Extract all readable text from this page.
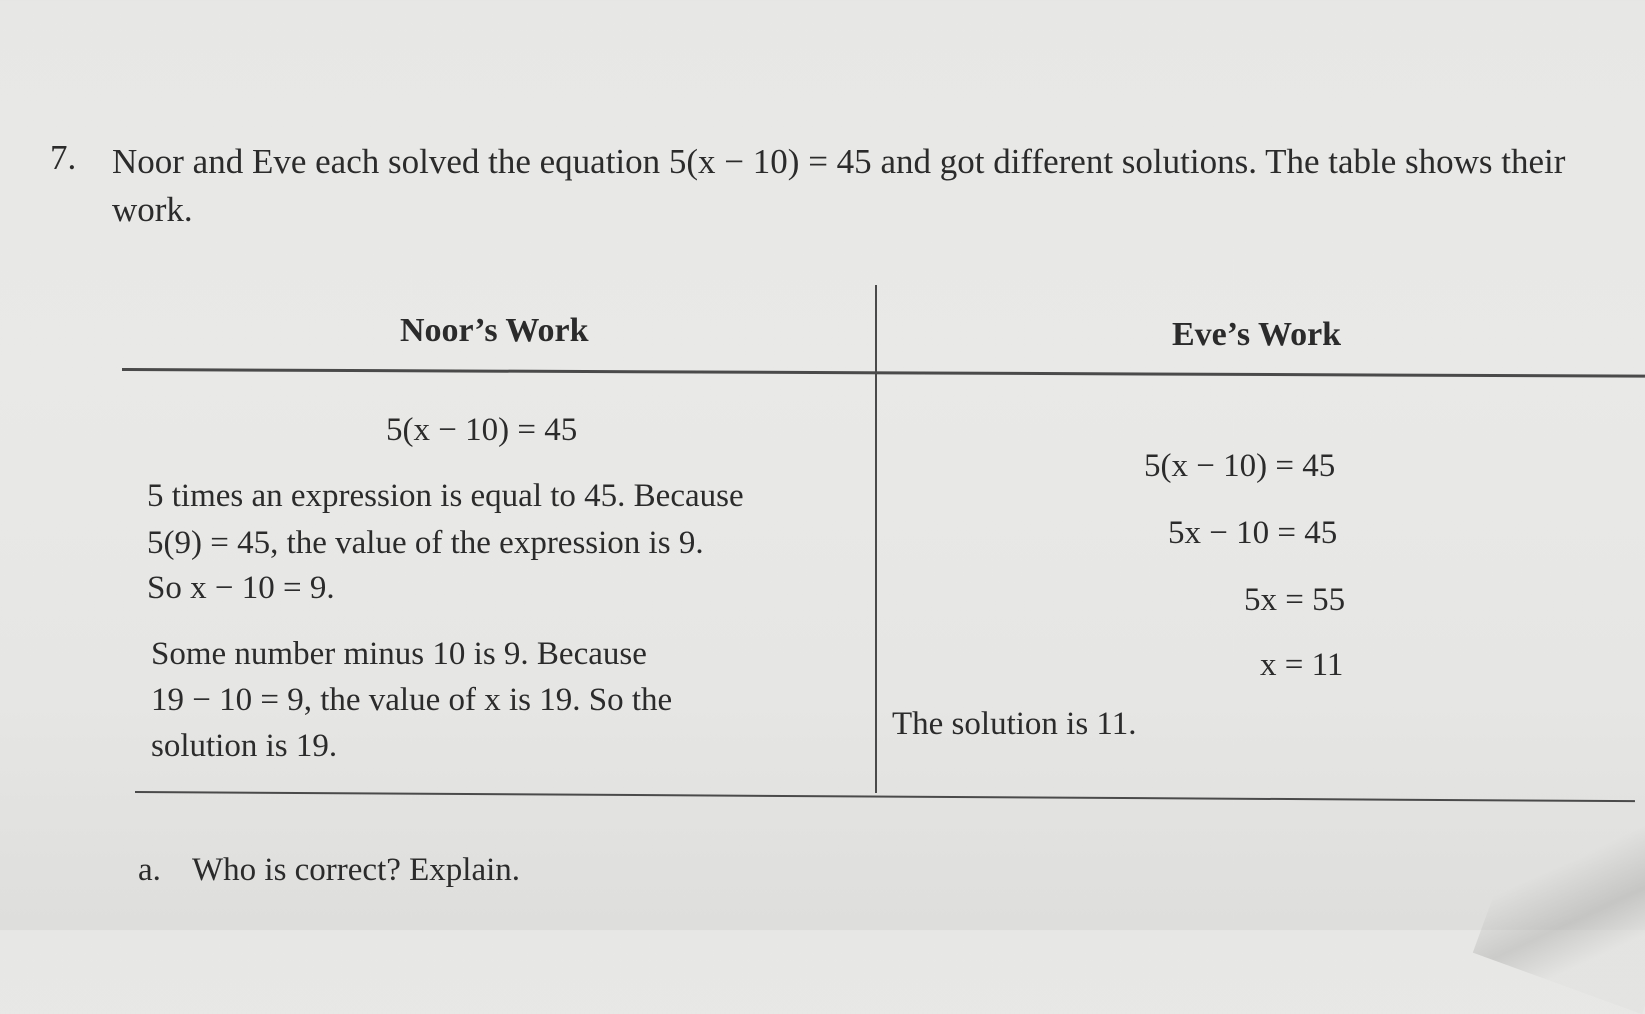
7. Noor and Eve each solved the equation 5(x − 10) = 45 and got different solutions. The table shows their work.
Noor’s Work	Eve’s Work
5(x − 10) = 45
5 times an expression is equal to 45. Because
5(9) = 45, the value of the expression is 9.
So x − 10 = 9.
Some number minus 10 is 9. Because
19 − 10 = 9, the value of x is 19. So the
solution is 19.
5(x − 10) = 45
5x − 10 = 45
5x = 55
x = 11
The solution is 11.
a. Who is correct? Explain.
